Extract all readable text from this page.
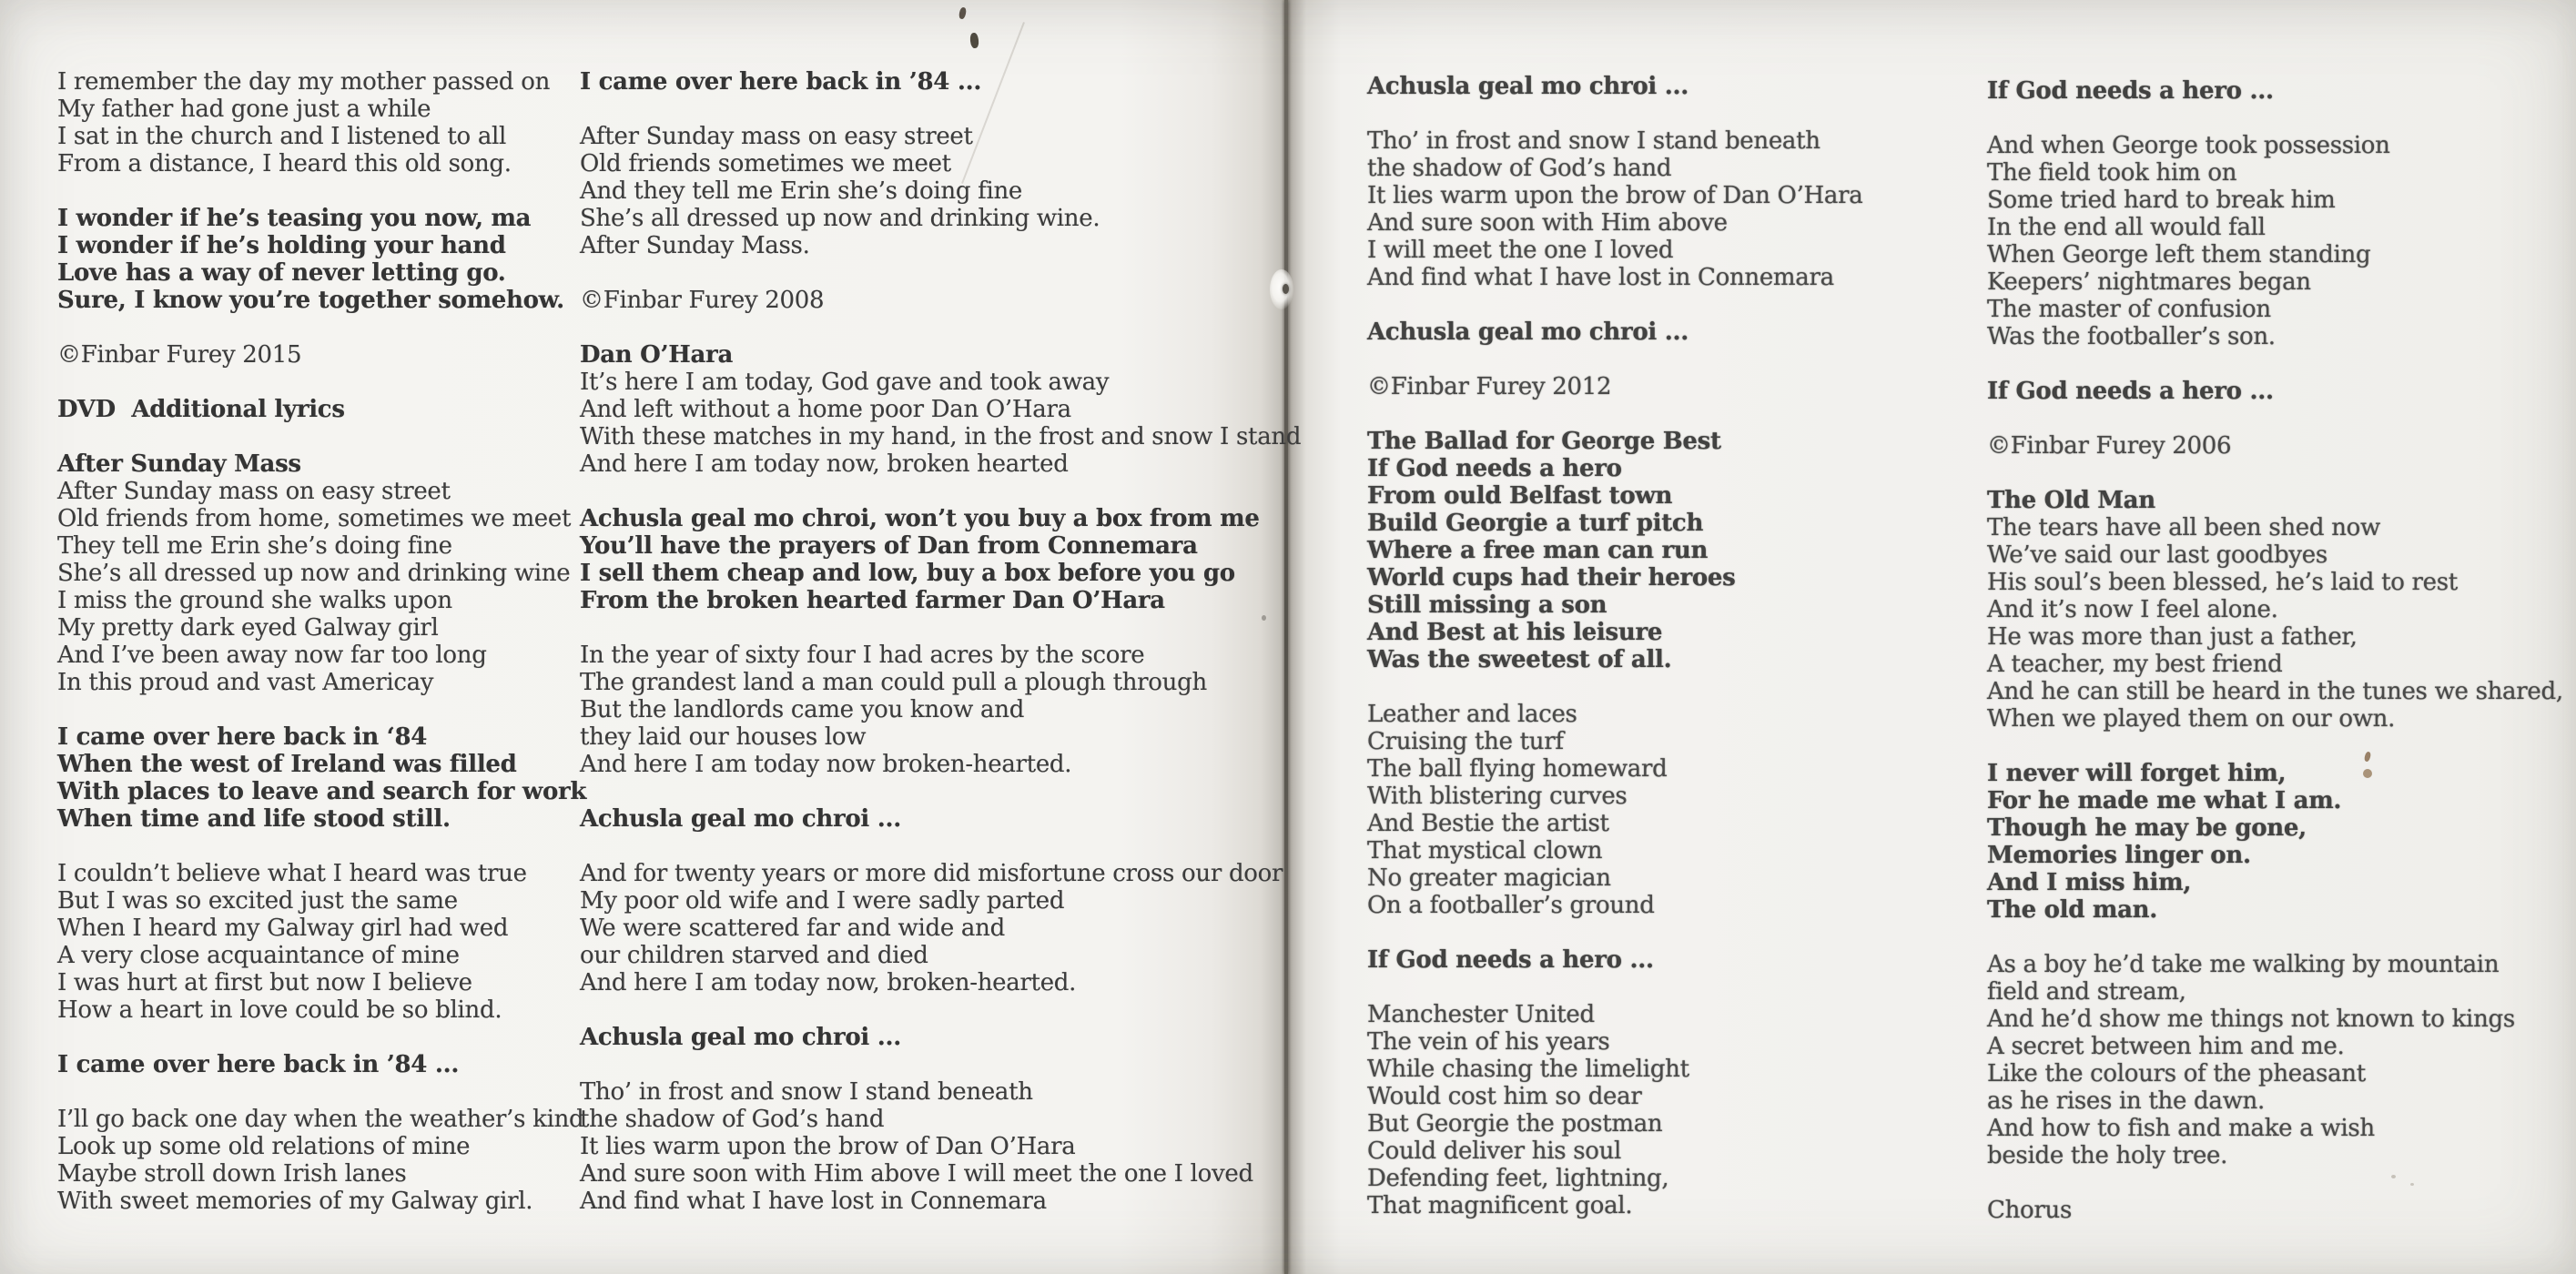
I remember the day my mother passed on
My father had gone just a while
I sat in the church and I listened to all
From a distance, I heard this old song.

I wonder if he’s teasing you now, ma
I wonder if he’s holding your hand
Love has a way of never letting go.
Sure, I know you’re together somehow.

©Finbar Furey 2015

DVD  Additional lyrics

After Sunday Mass

After Sunday mass on easy street
Old friends from home, sometimes we meet
They tell me Erin she’s doing fine
She’s all dressed up now and drinking wine
I miss the ground she walks upon
My pretty dark eyed Galway girl
And I’ve been away now far too long
In this proud and vast Americay

I came over here back in ‘84
When the west of Ireland was filled
With places to leave and search for work
When time and life stood still.

I couldn’t believe what I heard was true
But I was so excited just the same
When I heard my Galway girl had wed
A very close acquaintance of mine
I was hurt at first but now I believe
How a heart in love could be so blind.

I came over here back in ’84 ...

I’ll go back one day when the weather’s kind
Look up some old relations of mine
Maybe stroll down Irish lanes
With sweet memories of my Galway girl.

I came over here back in ’84 ...

After Sunday mass on easy street
Old friends sometimes we meet
And they tell me Erin she’s doing fine
She’s all dressed up now and drinking wine.
After Sunday Mass.

©Finbar Furey 2008

Dan O’Hara

It’s here I am today, God gave and took away
And left without a home poor Dan O’Hara
With these matches in my hand, in the frost and snow I stand
And here I am today now, broken hearted

Achusla geal mo chroi, won’t you buy a box from me
You’ll have the prayers of Dan from Connemara
I sell them cheap and low, buy a box before you go
From the broken hearted farmer Dan O’Hara

In the year of sixty four I had acres by the score
The grandest land a man could pull a plough through
But the landlords came you know and
they laid our houses low
And here I am today now broken-hearted.

Achusla geal mo chroi ...

And for twenty years or more did misfortune cross our door
My poor old wife and I were sadly parted
We were scattered far and wide and
our children starved and died
And here I am today now, broken-hearted.

Achusla geal mo chroi ...

Tho’ in frost and snow I stand beneath
the shadow of God’s hand
It lies warm upon the brow of Dan O’Hara
And sure soon with Him above I will meet the one I loved
And find what I have lost in Connemara

Achusla geal mo chroi ...

Tho’ in frost and snow I stand beneath
the shadow of God’s hand
It lies warm upon the brow of Dan O’Hara
And sure soon with Him above
I will meet the one I loved
And find what I have lost in Connemara

Achusla geal mo chroi ...

©Finbar Furey 2012

The Ballad for George Best

If God needs a hero
From ould Belfast town
Build Georgie a turf pitch
Where a free man can run
World cups had their heroes
Still missing a son
And Best at his leisure
Was the sweetest of all.

Leather and laces
Cruising the turf
The ball flying homeward
With blistering curves
And Bestie the artist
That mystical clown
No greater magician
On a footballer’s ground

If God needs a hero ...

Manchester United
The vein of his years
While chasing the limelight
Would cost him so dear
But Georgie the postman
Could deliver his soul
Defending feet, lightning,
That magnificent goal.

If God needs a hero ...

And when George took possession
The field took him on
Some tried hard to break him
In the end all would fall
When George left them standing
Keepers’ nightmares began
The master of confusion
Was the footballer’s son.

If God needs a hero ...

©Finbar Furey 2006

The Old Man

The tears have all been shed now
We’ve said our last goodbyes
His soul’s been blessed, he’s laid to rest
And it’s now I feel alone.
He was more than just a father,
A teacher, my best friend
And he can still be heard in the tunes we shared,
When we played them on our own.

I never will forget him,
For he made me what I am.
Though he may be gone,
Memories linger on.
And I miss him,
The old man.

As a boy he’d take me walking by mountain
field and stream,
And he’d show me things not known to kings
A secret between him and me.
Like the colours of the pheasant
as he rises in the dawn.
And how to fish and make a wish
beside the holy tree.

Chorus
